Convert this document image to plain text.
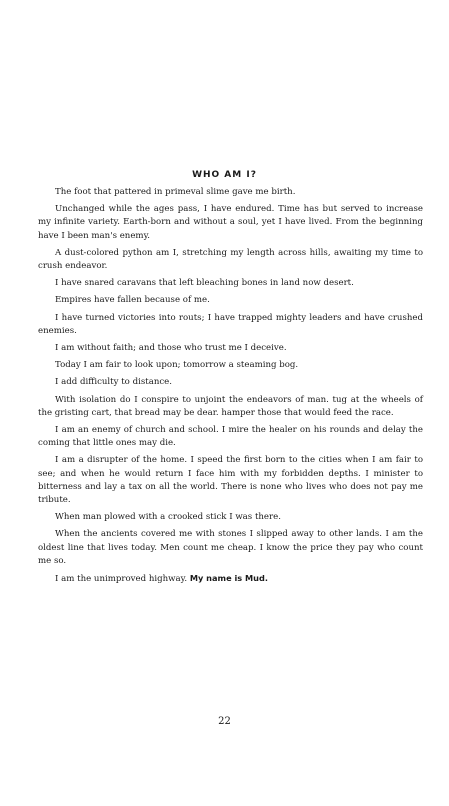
WHO AM I?

The foot that pattered in primeval slime gave me birth.

Unchanged while the ages pass, I have endured. Time has but served to increase my infinite variety. Earth-born and without a soul, yet I have lived. From the beginning have I been man's enemy.

A dust-colored python am I, stretching my length across hills, awaiting my time to crush endeavor.

I have snared caravans that left bleaching bones in land now desert.

Empires have fallen because of me.

I have turned victories into routs; I have trapped mighty leaders and have crushed enemies.

I am without faith; and those who trust me I deceive.

Today I am fair to look upon; tomorrow a steaming bog.

I add difficulty to distance.

With isolation do I conspire to unjoint the endeavors of man. tug at the wheels of the gristing cart, that bread may be dear. hamper those that would feed the race.

I am an enemy of church and school. I mire the healer on his rounds and delay the coming that little ones may die.

I am a disrupter of the home. I speed the first born to the cities when I am fair to see; and when he would return I face him with my forbidden depths. I minister to bitterness and lay a tax on all the world. There is none who lives who does not pay me tribute.

When man plowed with a crooked stick I was there.

When the ancients covered me with stones I slipped away to other lands. I am the oldest line that lives today. Men count me cheap. I know the price they pay who count me so.

I am the unimproved highway. My name is Mud.

22
